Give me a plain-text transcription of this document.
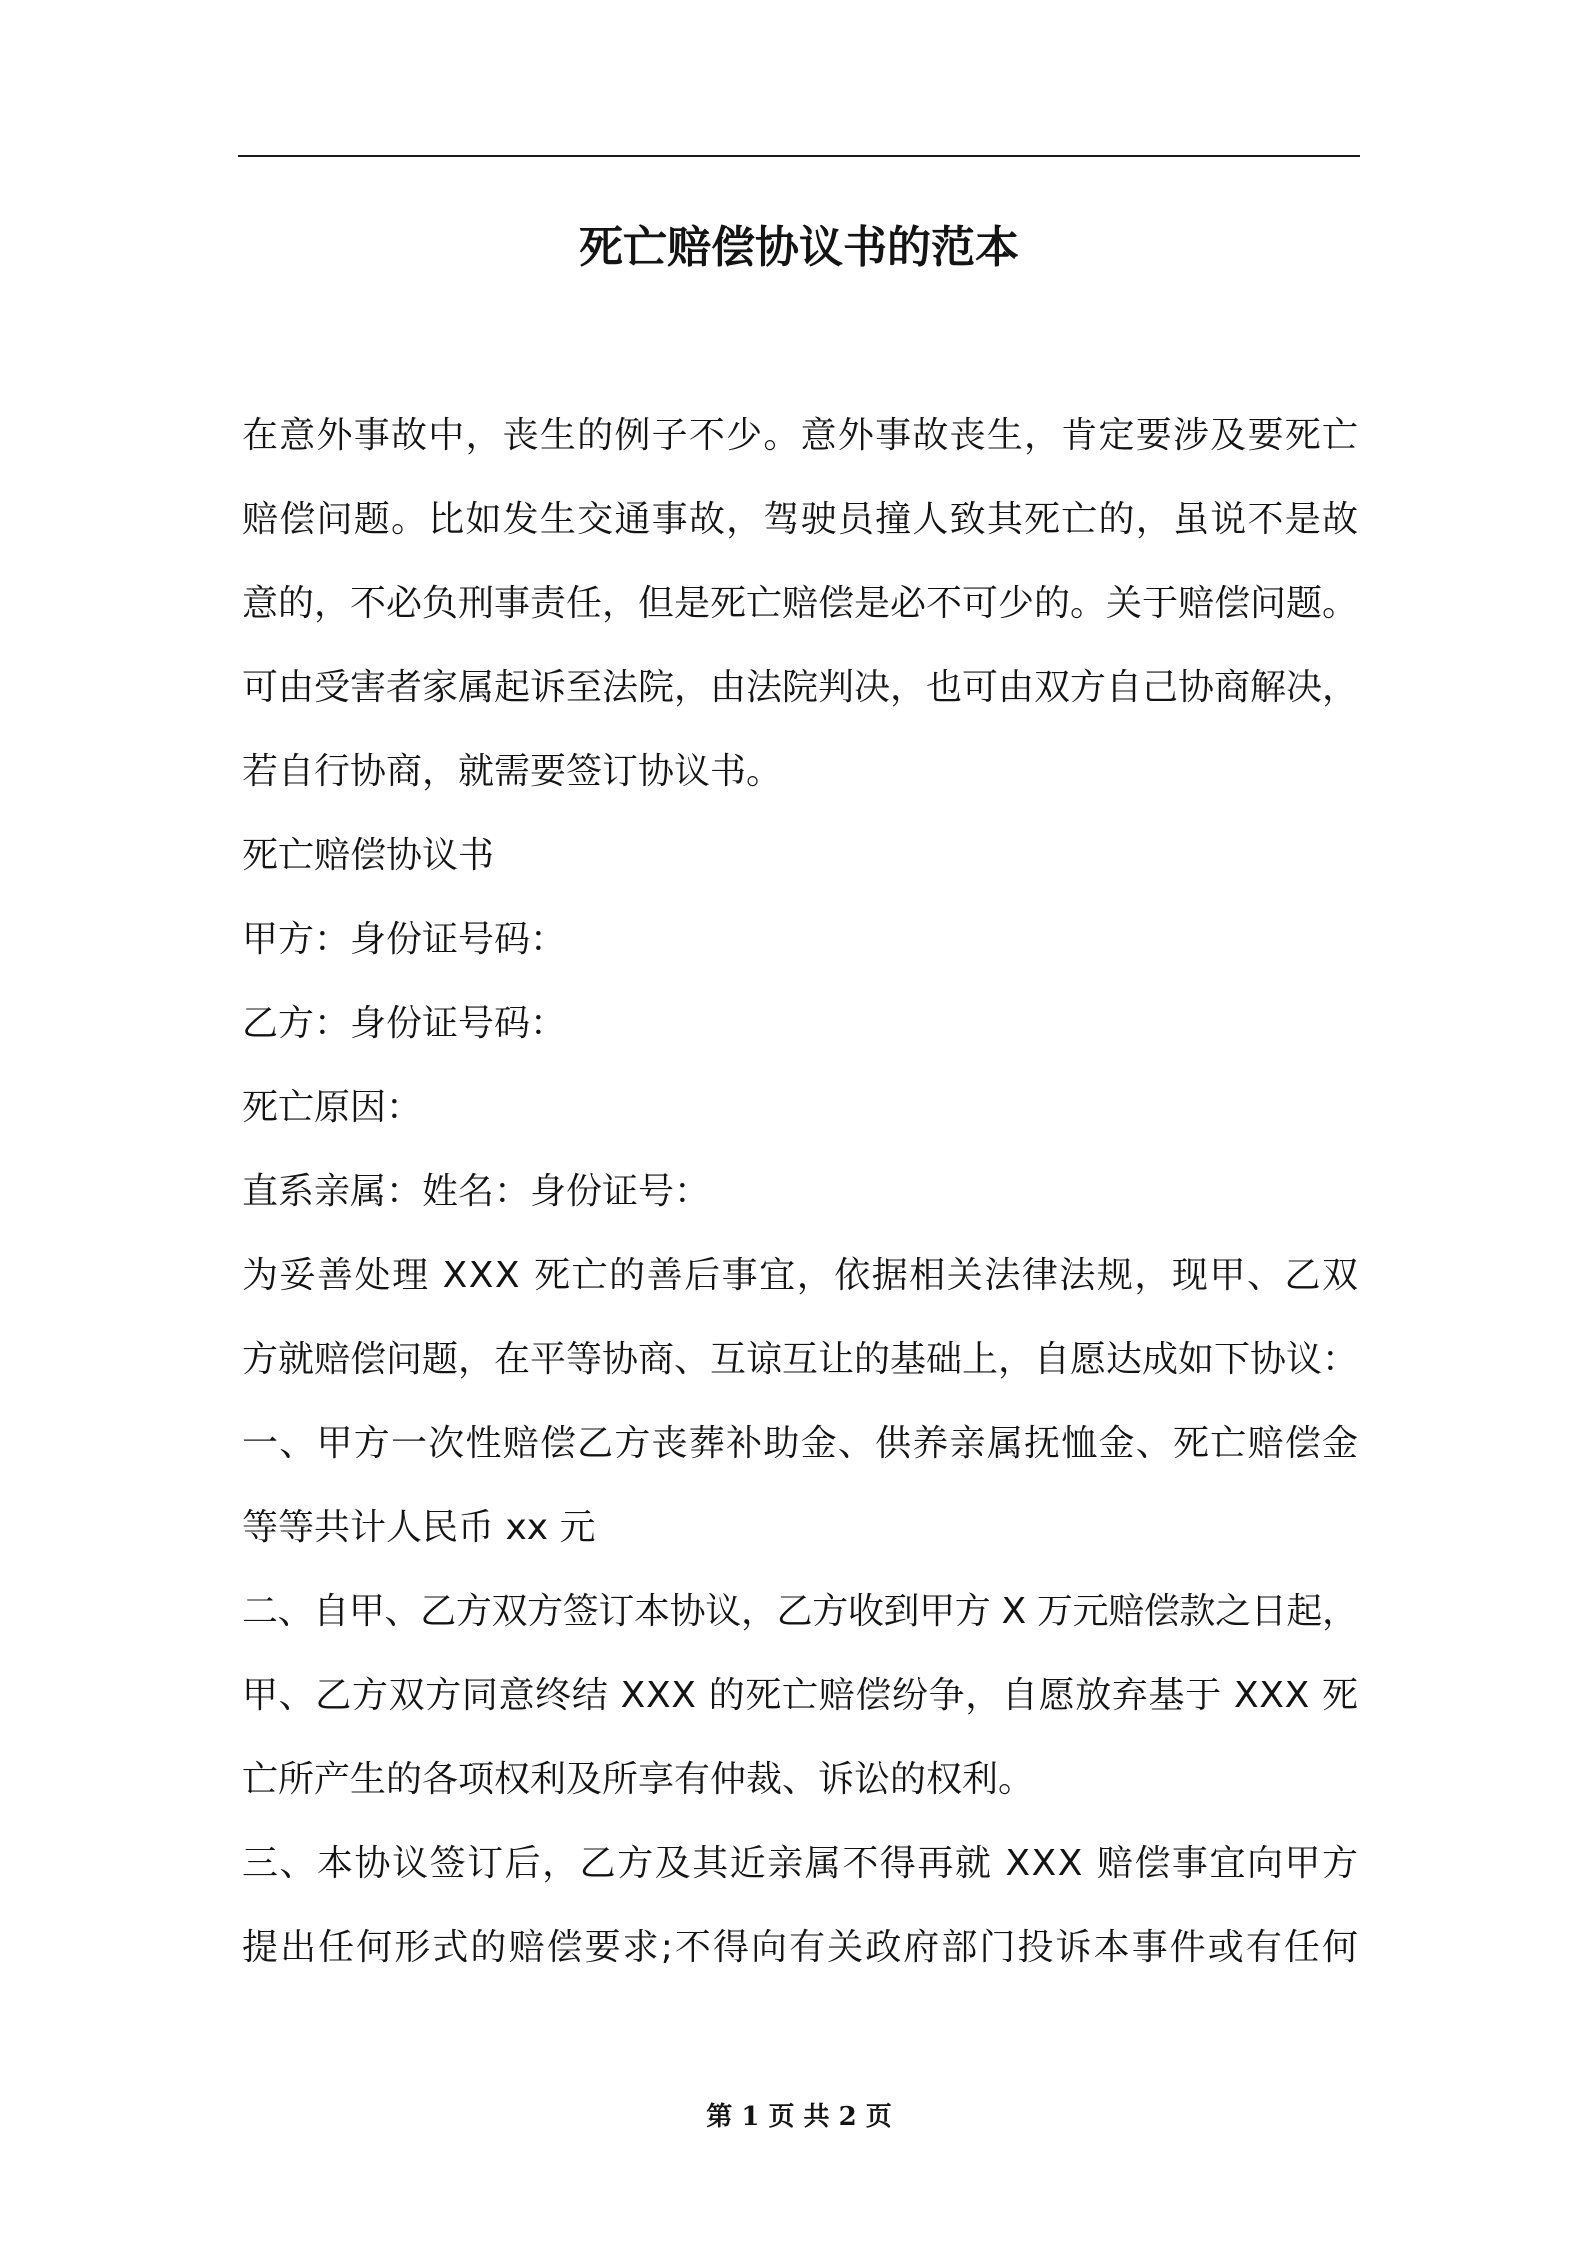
死亡赔偿协议书的范本
在意外事故中，丧生的例子不少。意外事故丧生，肯定要涉及要死亡
赔偿问题。比如发生交通事故，驾驶员撞人致其死亡的，虽说不是故
意的，不必负刑事责任，但是死亡赔偿是必不可少的。关于赔偿问题。
可由受害者家属起诉至法院，由法院判决，也可由双方自己协商解决，
若自行协商，就需要签订协议书。
死亡赔偿协议书
甲方：身份证号码：
乙方：身份证号码：
死亡原因：
直系亲属：姓名：身份证号：
为妥善处理 XXX 死亡的善后事宜，依据相关法律法规，现甲、乙双
方就赔偿问题，在平等协商、互谅互让的基础上，自愿达成如下协议：
一、甲方一次性赔偿乙方丧葬补助金、供养亲属抚恤金、死亡赔偿金
等等共计人民币 xx 元
二、自甲、乙方双方签订本协议，乙方收到甲方 X 万元赔偿款之日起，
甲、乙方双方同意终结 XXX 的死亡赔偿纷争，自愿放弃基于 XXX 死
亡所产生的各项权利及所享有仲裁、诉讼的权利。
三、本协议签订后，乙方及其近亲属不得再就 XXX 赔偿事宜向甲方
提出任何形式的赔偿要求;不得向有关政府部门投诉本事件或有任何
第 1 页 共 2 页
